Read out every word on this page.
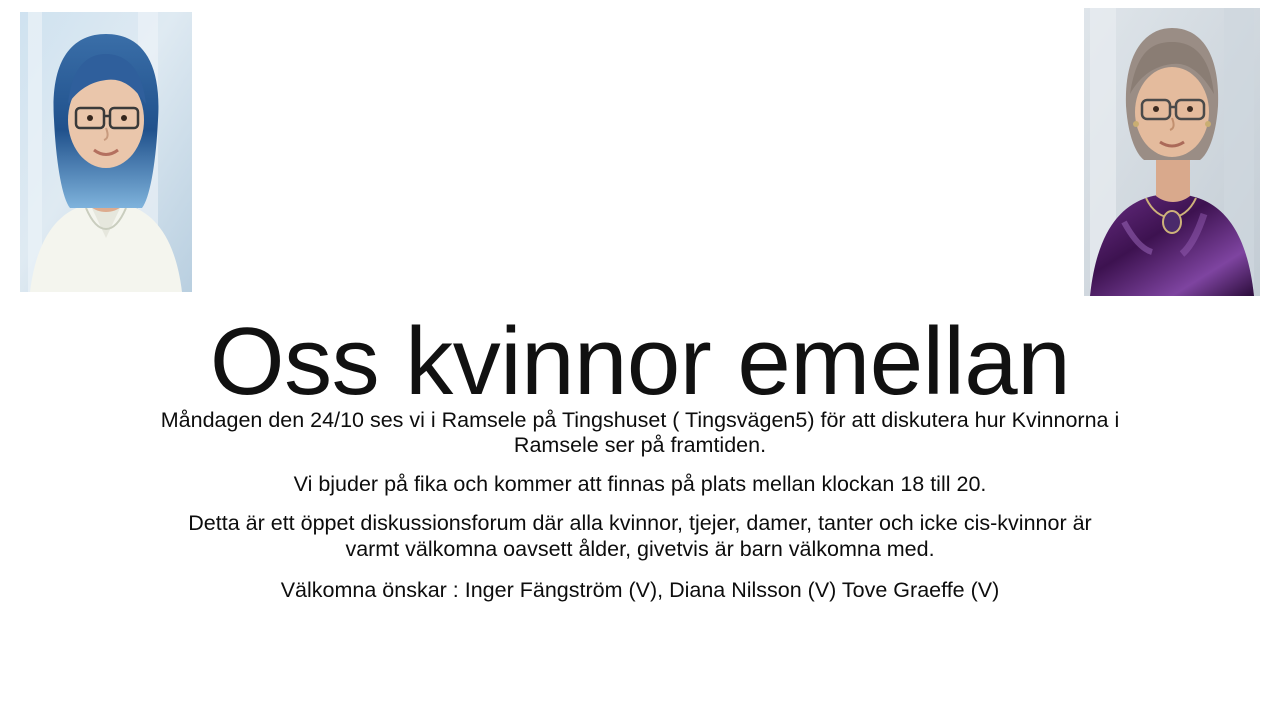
Oss kvinnor emellan

Måndagen den 24/10 ses vi i Ramsele på Tingshuset ( Tingsvägen5) för att diskutera hur Kvinnorna i Ramsele ser på framtiden.

Vi bjuder på fika och kommer att finnas på plats mellan klockan 18 till 20.

Detta är ett öppet diskussionsforum där alla kvinnor, tjejer, damer, tanter och icke cis-kvinnor är varmt välkomna oavsett ålder, givetvis är barn välkomna med.

Välkomna önskar : Inger Fängström (V), Diana Nilsson (V) Tove Graeffe (V)
